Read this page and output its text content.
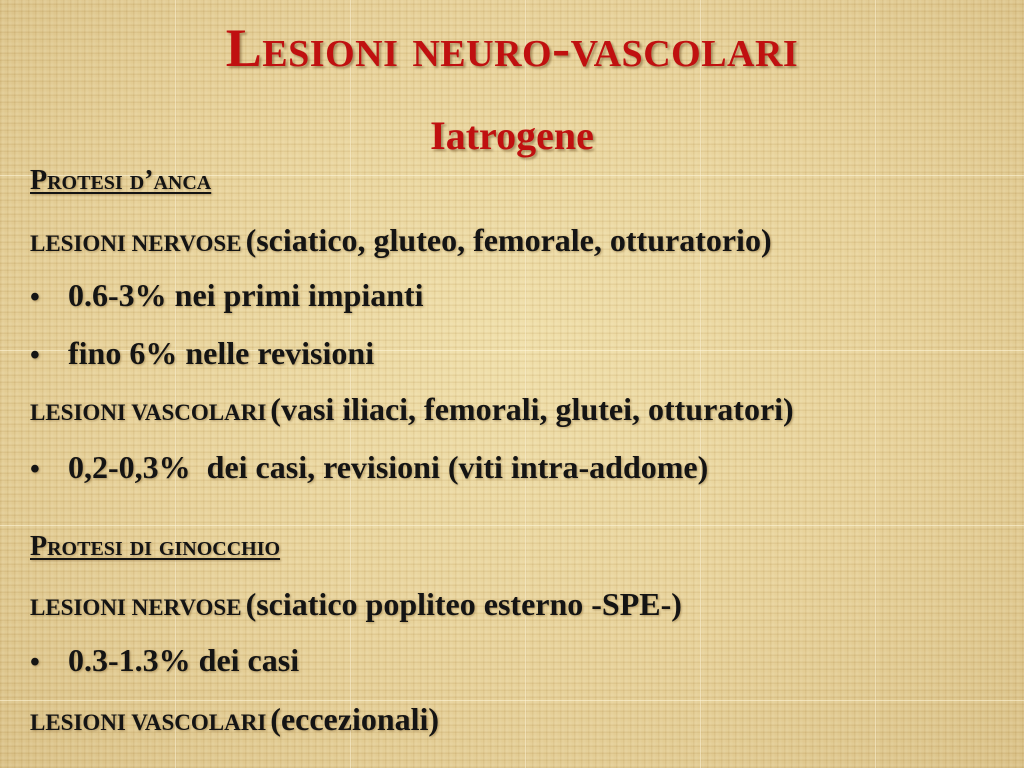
Lesioni neuro-vascolari
Iatrogene
Protesi d’anca
LESIONI NERVOSE (sciatico, gluteo, femorale, otturatorio)
• 0.6-3% nei primi impianti
• fino 6% nelle revisioni
LESIONI VASCOLARI (vasi iliaci, femorali, glutei, otturatori)
• 0,2-0,3%  dei casi, revisioni (viti intra-addome)
Protesi di ginocchio
LESIONI NERVOSE (sciatico popliteo esterno -SPE-)
• 0.3-1.3% dei casi
LESIONI VASCOLARI (eccezionali)
